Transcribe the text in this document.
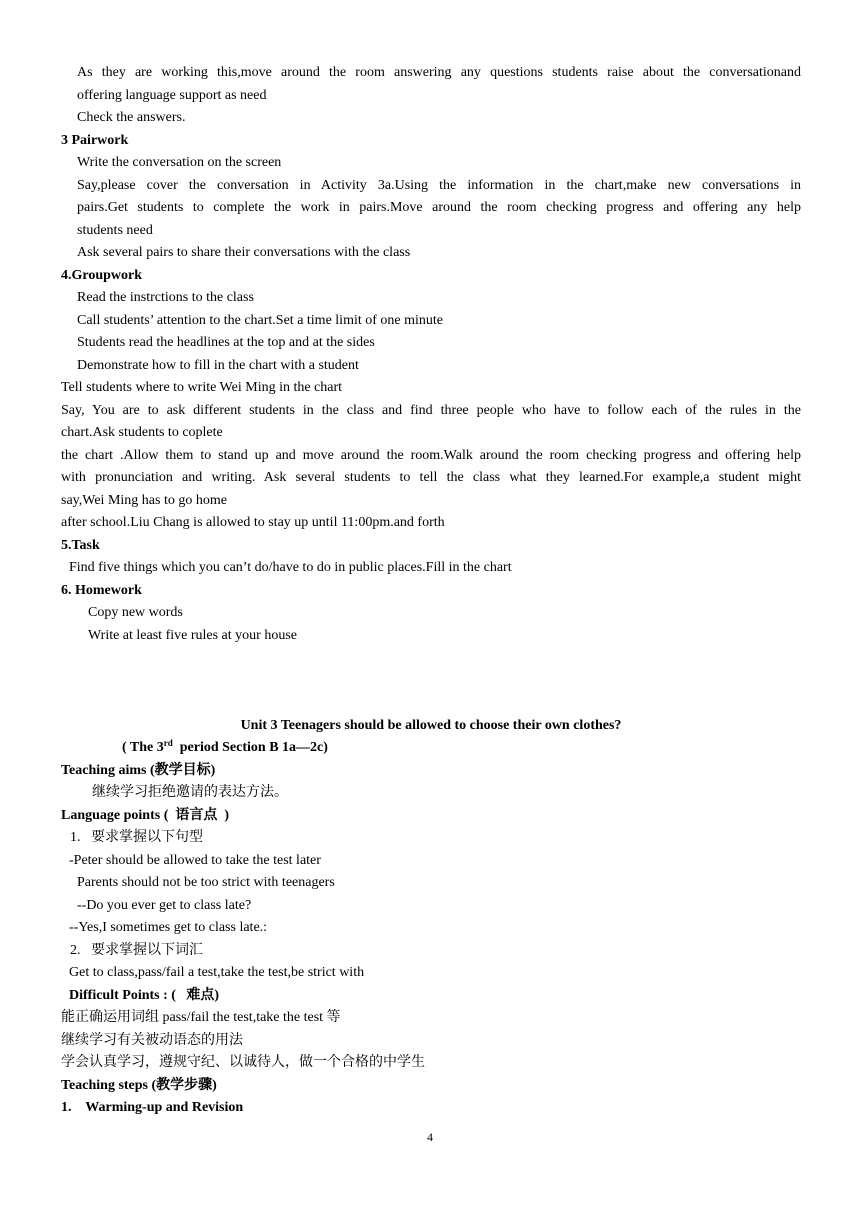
As they are working this,move around the room answering any questions students raise about the conversationand
offering language support as need
Check the answers.
3 Pairwork
Write the conversation on the screen
Say,please cover the conversation in Activity 3a.Using the information in the chart,make new conversations in
pairs.Get students to complete the work in pairs.Move around the room checking progress and offering any help
students need
Ask several pairs to share their conversations with the class
4.Groupwork
Read the instrctions to the class
Call students’ attention to the chart.Set a time limit of one minute
Students read the headlines at the top and at the sides
Demonstrate how to fill in the chart with a student
Tell students where to write Wei Ming in the chart
Say, You are to ask different students in the class and find three people who have to follow each of the rules in the
chart.Ask students to coplete
the chart .Allow them to stand up and move around the room.Walk around the room checking progress and offering help
with pronunciation and writing. Ask several students to tell the class what they learned.For example,a student might
say,Wei Ming has to go home
after school.Liu Chang is allowed to stay up until 11:00pm.and forth
5.Task
Find five things which you can’t do/have to do in public places.Fill in the chart
6. Homework
Copy new words
Write at least five rules at your house
Unit 3 Teenagers should be allowed to choose their own clothes?
( The 3rd  period Section B 1a—2c)
Teaching aims (教学目标)
继续学习拒绝邀请的表达方法。
Language points (  语言点  )
1.   要求掌握以下句型
-Peter should be allowed to take the test later
Parents should not be too strict with teenagers
--Do you ever get to class late?
--Yes,I sometimes get to class late.:
2.   要求掌握以下词汇
Get to class,pass/fail a test,take the test,be strict with
Difficult Points : (   难点)
能正确运用词组 pass/fail the test,take the test 等
继续学习有关被动语态的用法
学会认真学习，遵规守纪、以诚待人，做一个合格的中学生
Teaching steps (教学步骤)
1.    Warming-up and Revision
4
